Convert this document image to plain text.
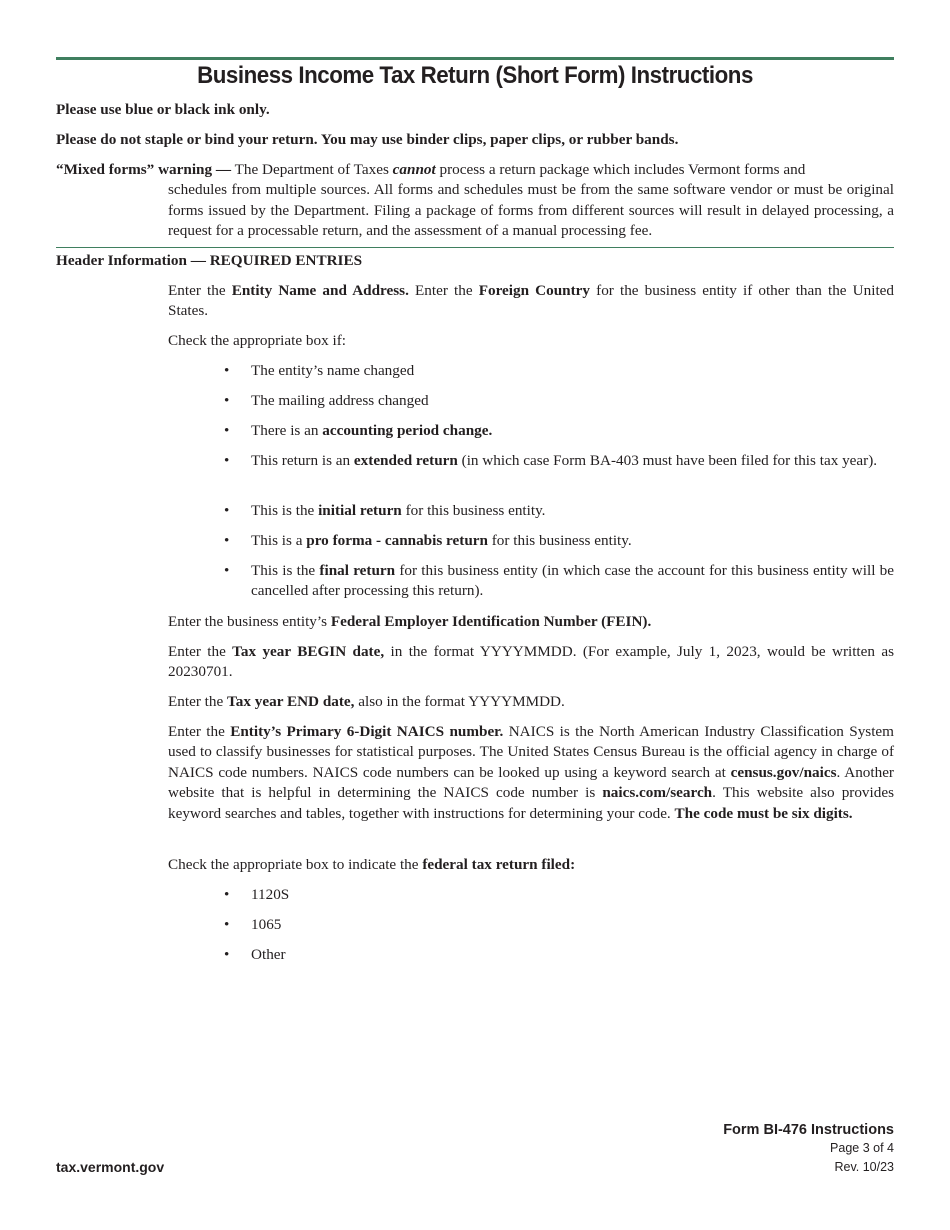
Business Income Tax Return (Short Form) Instructions

Please use blue or black ink only.

Please do not staple or bind your return. You may use binder clips, paper clips, or rubber bands.

“Mixed forms” warning — The Department of Taxes cannot process a return package which includes Vermont forms and

schedules from multiple sources. All forms and schedules must be from the same software vendor or must be original forms issued by the Department. Filing a package of forms from different sources will result in delayed processing, a request for a processable return, and the assessment of a manual processing fee.

Header Information — REQUIRED ENTRIES

Enter the Entity Name and Address. Enter the Foreign Country for the business entity if other than the United States.

Check the appropriate box if:

•	The entity’s name changed

•	The mailing address changed

•	There is an accounting period change.

•	This return is an extended return (in which case Form BA-403 must have been filed for this tax year).

•	This is the initial return for this business entity.

•	This is a pro forma - cannabis return for this business entity.

•	This is the final return for this business entity (in which case the account for this business entity will be cancelled after processing this return).

Enter the business entity’s Federal Employer Identification Number (FEIN).

Enter the Tax year BEGIN date, in the format YYYYMMDD. (For example, July 1, 2023, would be written as 20230701.

Enter the Tax year END date, also in the format YYYYMMDD.

Enter the Entity’s Primary 6-Digit NAICS number. NAICS is the North American Industry Classification System used to classify businesses for statistical purposes. The United States Census Bureau is the official agency in charge of NAICS code numbers. NAICS code numbers can be looked up using a keyword search at census.gov/naics. Another website that is helpful in determining the NAICS code number is naics.com/search. This website also provides keyword searches and tables, together with instructions for determining your code. The code must be six digits.

Check the appropriate box to indicate the federal tax return filed:

•	1120S

•	1065

•	Other

tax.vermont.gov
Form BI-476 Instructions
Page 3 of 4
Rev. 10/23
